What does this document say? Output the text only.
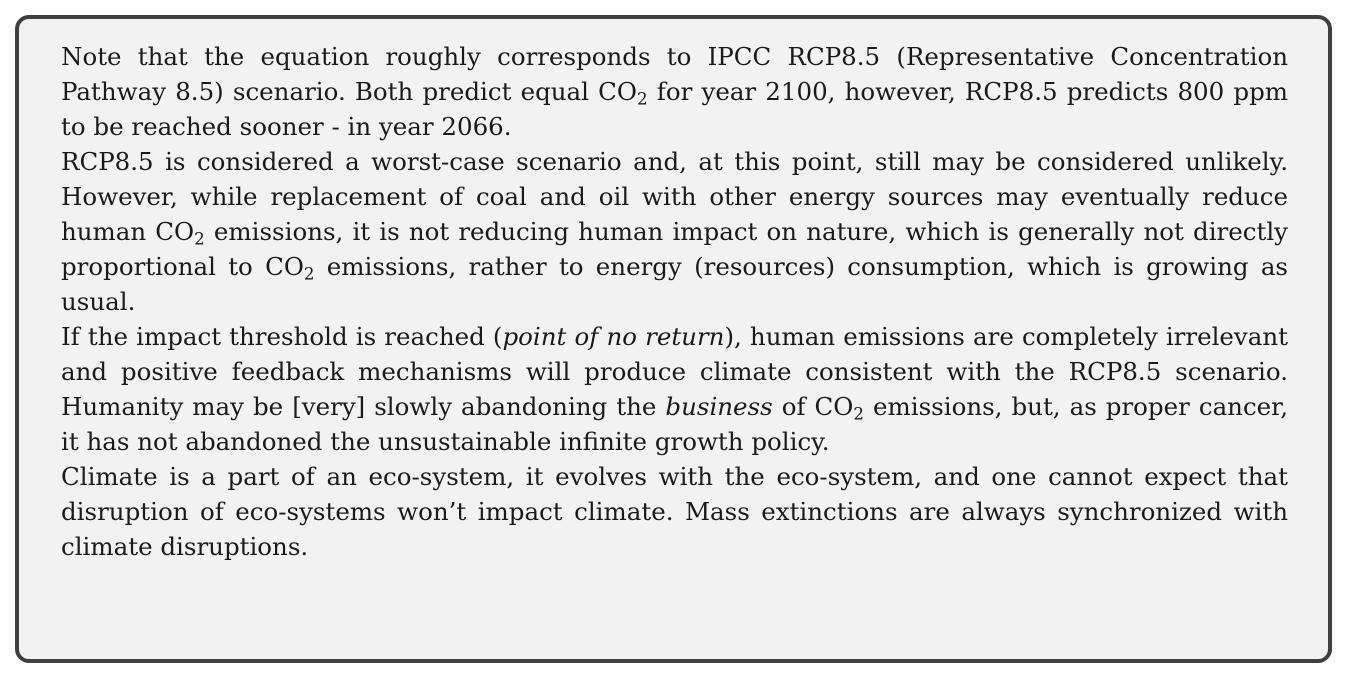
Note that the equation roughly corresponds to IPCC RCP8.5 (Representative Concentration Pathway 8.5) scenario. Both predict equal $CO_2$ for year 2100, however, RCP8.5 predicts 800 ppm to be reached sooner - in year 2066.

RCP8.5 is considered a worst-case scenario and, at this point, still may be considered unlikely. However, while replacement of coal and oil with other energy sources may eventually reduce human $CO_2$ emissions, it is not reducing human impact on nature, which is generally not directly proportional to $CO_2$ emissions, rather to energy (resources) consumption, which is growing as usual.

If the impact threshold is reached (point of no return), human emissions are completely irrelevant and positive feedback mechanisms will produce climate consistent with the RCP8.5 scenario.

Humanity may be [very] slowly abandoning the business of $CO_2$ emissions, but, as proper cancer, it has not abandoned the unsustainable infinite growth policy.

Climate is a part of an eco-system, it evolves with the eco-system, and one cannot expect that disruption of eco-systems won’t impact climate. Mass extinctions are always synchronized with climate disruptions.
